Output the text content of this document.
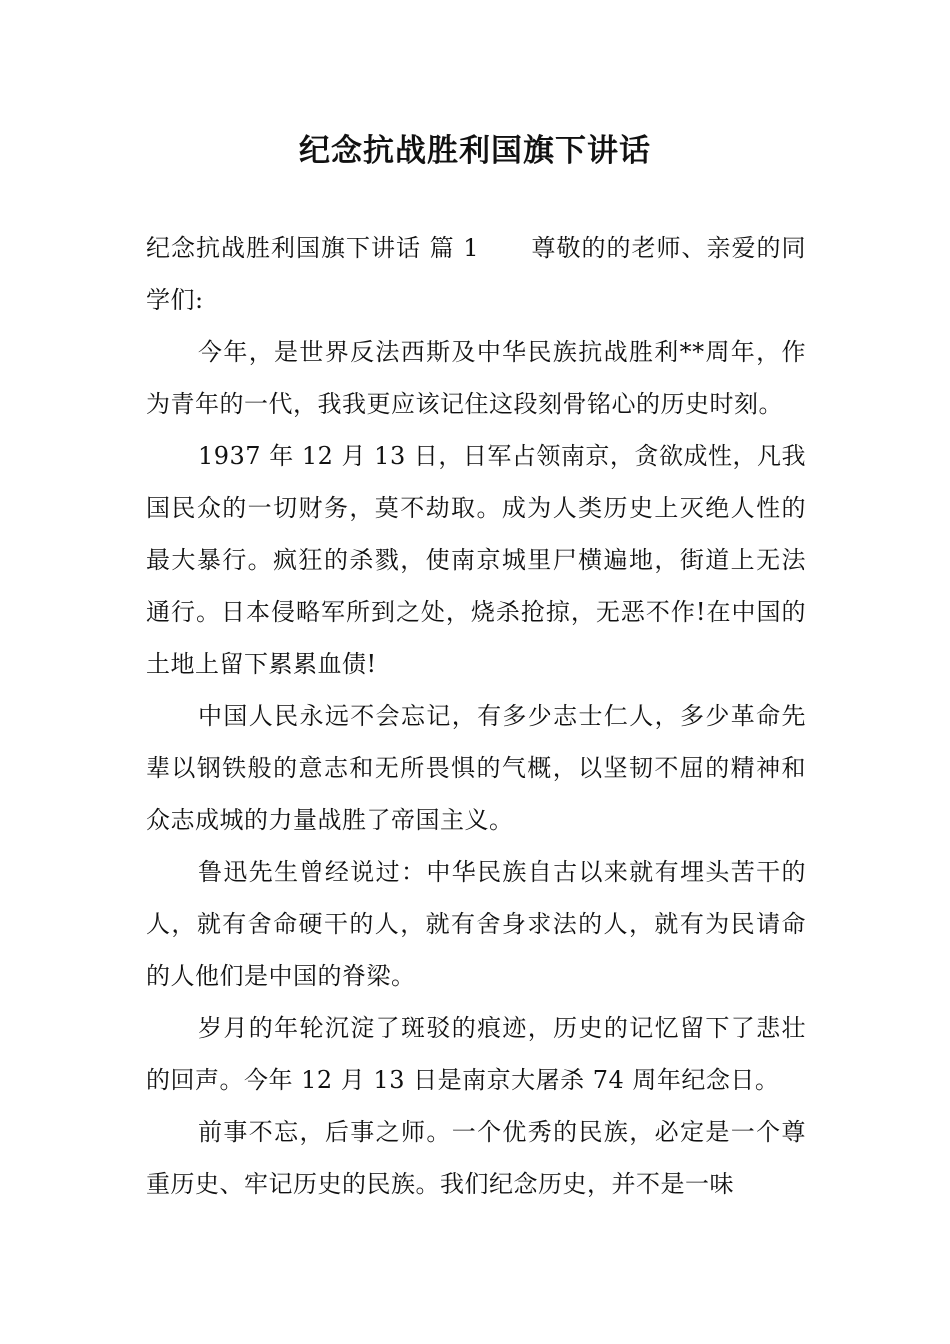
纪念抗战胜利国旗下讲话

纪念抗战胜利国旗下讲话 篇 1 尊敬的的老师、亲爱的同学们:

今年，是世界反法西斯及中华民族抗战胜利**周年，作为青年的一代，我我更应该记住这段刻骨铭心的历史时刻。

1937 年 12 月 13 日，日军占领南京，贪欲成性，凡我国民众的一切财务，莫不劫取。成为人类历史上灭绝人性的最大暴行。疯狂的杀戮，使南京城里尸横遍地，街道上无法通行。日本侵略军所到之处，烧杀抢掠，无恶不作!在中国的土地上留下累累血债!

中国人民永远不会忘记，有多少志士仁人，多少革命先辈以钢铁般的意志和无所畏惧的气概，以坚韧不屈的精神和众志成城的力量战胜了帝国主义。

鲁迅先生曾经说过：中华民族自古以来就有埋头苦干的人，就有舍命硬干的人，就有舍身求法的人，就有为民请命的人他们是中国的脊梁。

岁月的年轮沉淀了斑驳的痕迹，历史的记忆留下了悲壮的回声。今年 12 月 13 日是南京大屠杀 74 周年纪念日。

前事不忘，后事之师。一个优秀的民族，必定是一个尊重历史、牢记历史的民族。我们纪念历史，并不是一味
